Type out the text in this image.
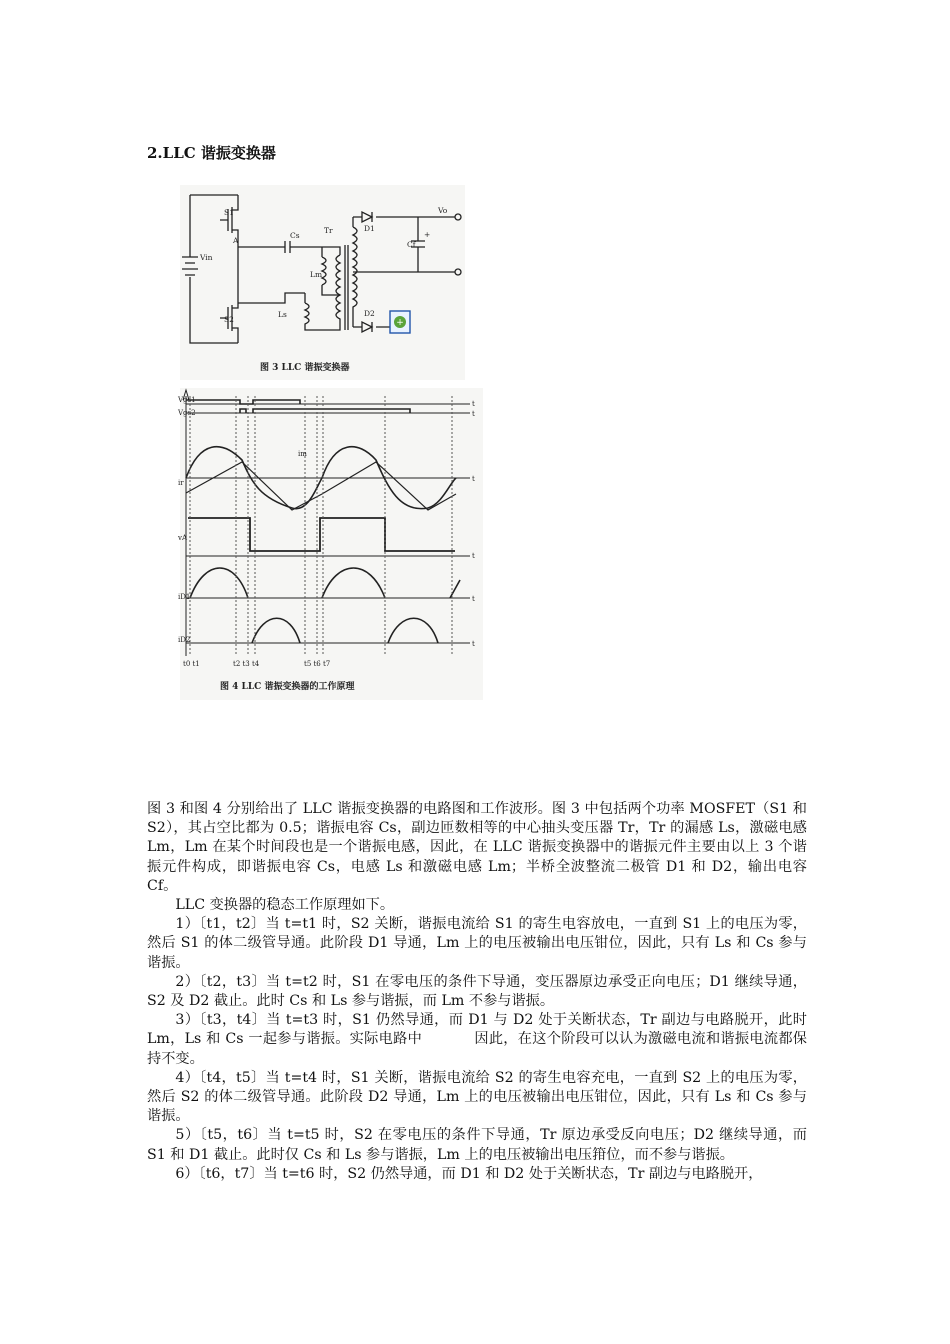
2.LLC 谐振变换器
+
Vin
S1
S2
A
Cs
Tr
Lm
Ls
D1
D2
Cf
+
Vo
图 3 LLC 谐振变换器
Vgs1
Vgs2
ir
im
vA
iD1
iD2
t
t
t
t
t
t
t0 t1	t2 t3 t4	t5 t6 t7
图 4 LLC 谐振变换器的工作原理

图 3 和图 4 分别给出了 LLC 谐振变换器的电路图和工作波形。图 3 中包括两个功率 MOSFET（S1 和 S2），其占空比都为 0.5；谐振电容 Cs，副边匝数相等的中心抽头变压器 Tr，Tr 的漏感 Ls，激磁电感 Lm，Lm 在某个时间段也是一个谐振电感，因此，在 LLC 谐振变换器中的谐振元件主要由以上 3 个谐振元件构成，即谐振电容 Cs，电感 Ls 和激磁电感 Lm；半桥全波整流二极管 D1 和 D2，输出电容 Cf。

LLC 变换器的稳态工作原理如下。

1）〔t1，t2〕当 t=t1 时，S2 关断，谐振电流给 S1 的寄生电容放电，一直到 S1 上的电压为零，然后 S1 的体二级管导通。此阶段 D1 导通，Lm 上的电压被输出电压钳位，因此，只有 Ls 和 Cs 参与谐振。

2）〔t2，t3〕当 t=t2 时，S1 在零电压的条件下导通，变压器原边承受正向电压；D1 继续导通，S2 及 D2 截止。此时 Cs 和 Ls 参与谐振，而 Lm 不参与谐振。

3）〔t3，t4〕当 t=t3 时，S1 仍然导通，而 D1 与 D2 处于关断状态，Tr 副边与电路脱开，此时 Lm，Ls 和 Cs 一起参与谐振。实际电路中	因此，在这个阶段可以认为激磁电流和谐振电流都保持不变。

4）〔t4，t5〕当 t=t4 时，S1 关断，谐振电流给 S2 的寄生电容充电，一直到 S2 上的电压为零，然后 S2 的体二级管导通。此阶段 D2 导通，Lm 上的电压被输出电压钳位，因此，只有 Ls 和 Cs 参与谐振。

5）〔t5，t6〕当 t=t5 时，S2 在零电压的条件下导通，Tr 原边承受反向电压；D2 继续导通，而 S1 和 D1 截止。此时仅 Cs 和 Ls 参与谐振，Lm 上的电压被输出电压箝位，而不参与谐振。

6）〔t6，t7〕当 t=t6 时，S2 仍然导通，而 D1 和 D2 处于关断状态，Tr 副边与电路脱开，
